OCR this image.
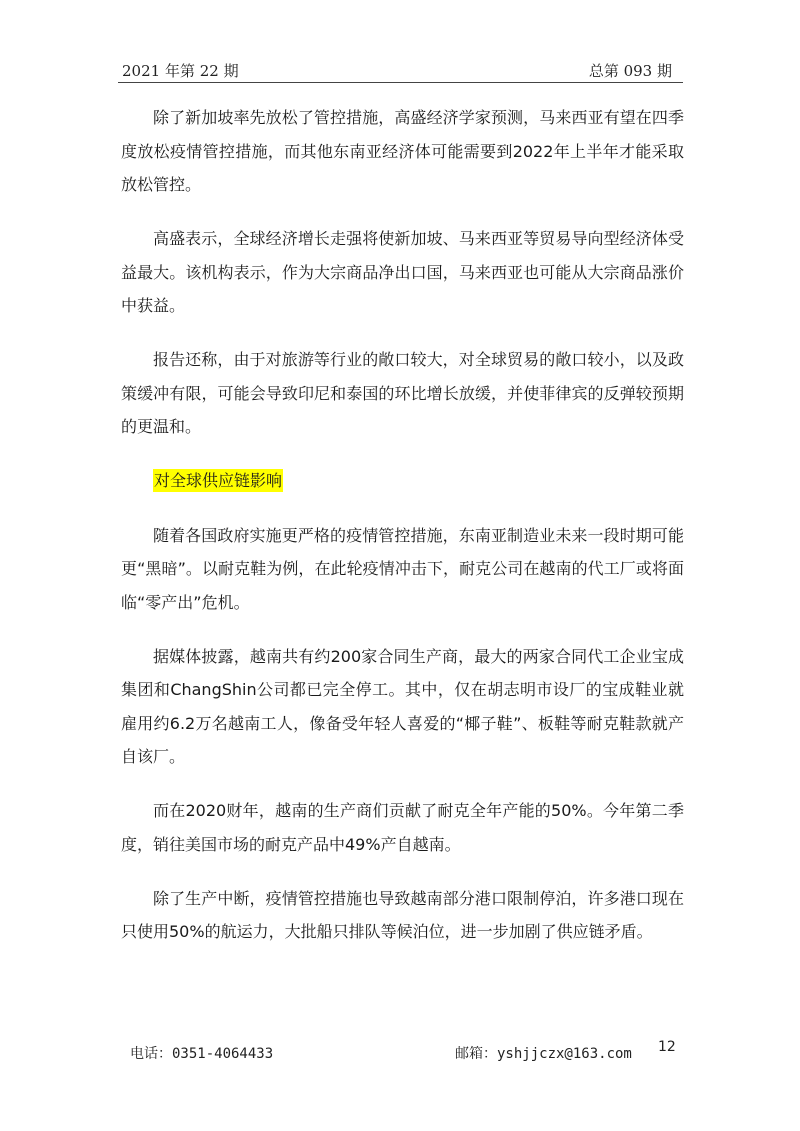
2021 年第 22 期	总第 093 期

除了新加坡率先放松了管控措施，高盛经济学家预测，马来西亚有望在四季度放松疫情管控措施，而其他东南亚经济体可能需要到2022年上半年才能采取放松管控。

高盛表示，全球经济增长走强将使新加坡、马来西亚等贸易导向型经济体受益最大。该机构表示，作为大宗商品净出口国，马来西亚也可能从大宗商品涨价中获益。

报告还称，由于对旅游等行业的敞口较大，对全球贸易的敞口较小，以及政策缓冲有限，可能会导致印尼和泰国的环比增长放缓，并使菲律宾的反弹较预期的更温和。

对全球供应链影响

随着各国政府实施更严格的疫情管控措施，东南亚制造业未来一段时期可能更“黑暗”。以耐克鞋为例，在此轮疫情冲击下，耐克公司在越南的代工厂或将面临“零产出”危机。

据媒体披露，越南共有约200家合同生产商，最大的两家合同代工企业宝成集团和ChangShin公司都已完全停工。其中，仅在胡志明市设厂的宝成鞋业就雇用约6.2万名越南工人，像备受年轻人喜爱的“椰子鞋”、板鞋等耐克鞋款就产自该厂。

而在2020财年，越南的生产商们贡献了耐克全年产能的50%。今年第二季度，销往美国市场的耐克产品中49%产自越南。

除了生产中断，疫情管控措施也导致越南部分港口限制停泊，许多港口现在只使用50%的航运力，大批船只排队等候泊位，进一步加剧了供应链矛盾。

电话：0351-4064433	邮箱：yshjjczx@163.com 12
